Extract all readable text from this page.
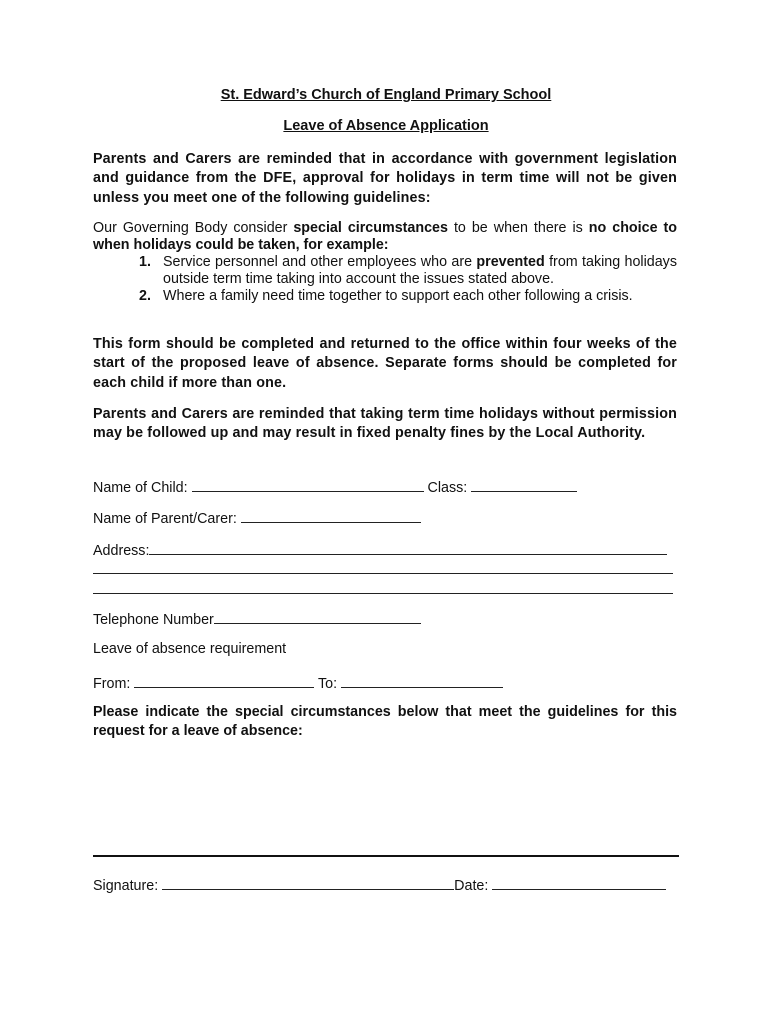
St. Edward’s Church of England Primary School
Leave of Absence Application
Parents and Carers are reminded that in accordance with government legislation and guidance from the DFE, approval for holidays in term time will not be given unless you meet one of the following guidelines:
Our Governing Body consider special circumstances to be when there is no choice to when holidays could be taken, for example:
1. Service personnel and other employees who are prevented from taking holidays outside term time taking into account the issues stated above.
2. Where a family need time together to support each other following a crisis.
This form should be completed and returned to the office within four weeks of the start of the proposed leave of absence. Separate forms should be completed for each child if more than one.
Parents and Carers are reminded that taking term time holidays without permission may be followed up and may result in fixed penalty fines by the Local Authority.
Name of Child:	Class:
Name of Parent/Carer:
Address:
Telephone Number
Leave of absence requirement
From:	To:
Please indicate the special circumstances below that meet the guidelines for this request for a leave of absence:
Signature:	Date:
